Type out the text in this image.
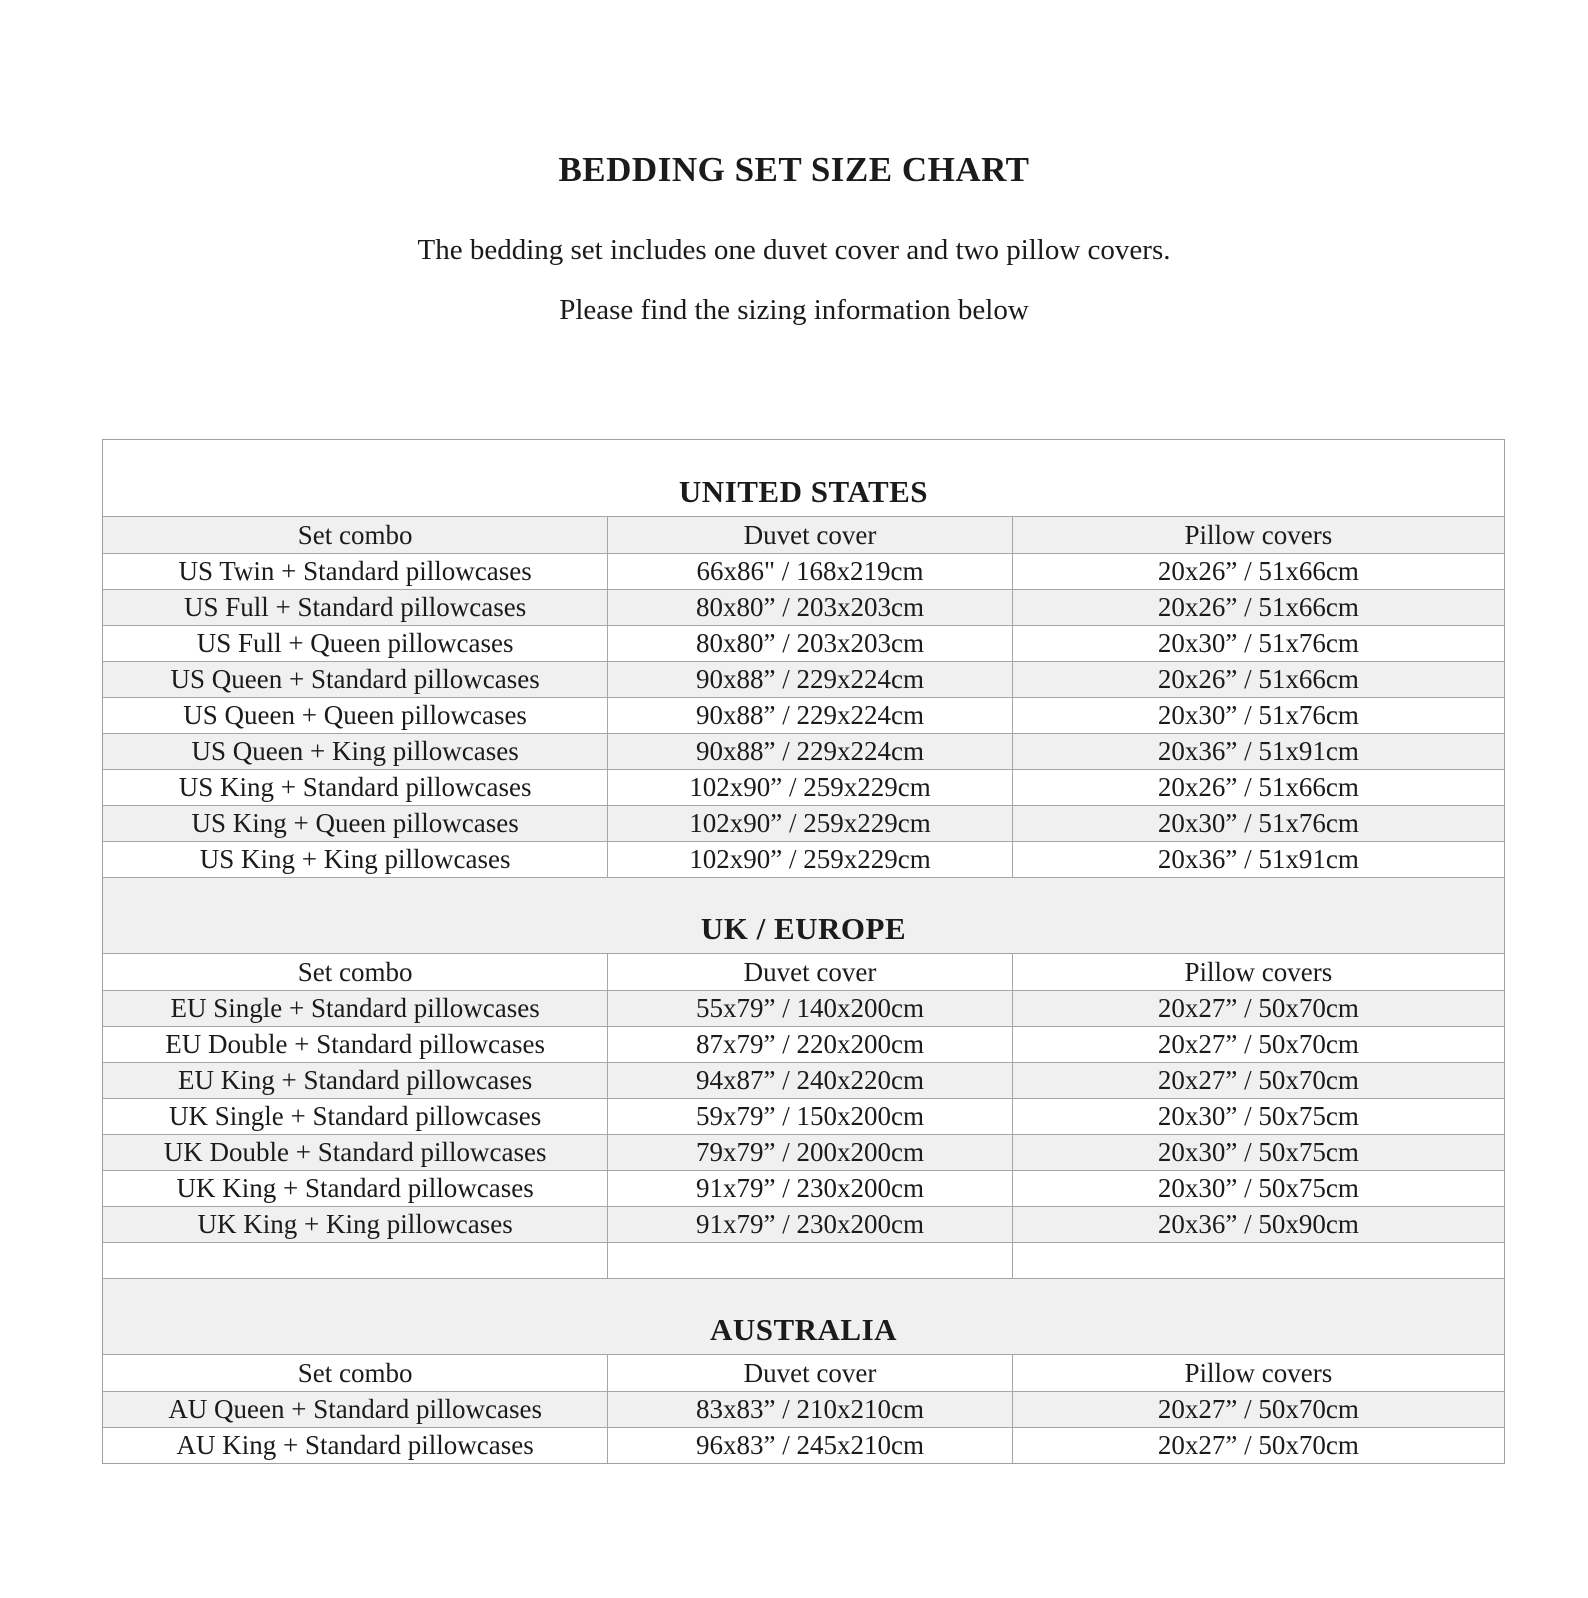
BEDDING SET SIZE CHART
The bedding set includes one duvet cover and two pillow covers.
Please find the sizing information below
UNITED STATES
Set combo	Duvet cover	Pillow covers
US Twin + Standard pillowcases	66x86" / 168x219cm	20x26” / 51x66cm
US Full + Standard pillowcases	80x80” / 203x203cm	20x26” / 51x66cm
US Full + Queen pillowcases	80x80” / 203x203cm	20x30” / 51x76cm
US Queen + Standard pillowcases	90x88” / 229x224cm	20x26” / 51x66cm
US Queen + Queen pillowcases	90x88” / 229x224cm	20x30” / 51x76cm
US Queen + King pillowcases	90x88” / 229x224cm	20x36” / 51x91cm
US King + Standard pillowcases	102x90” / 259x229cm	20x26” / 51x66cm
US King + Queen pillowcases	102x90” / 259x229cm	20x30” / 51x76cm
US King + King pillowcases	102x90” / 259x229cm	20x36” / 51x91cm
UK / EUROPE
Set combo	Duvet cover	Pillow covers
EU Single + Standard pillowcases	55x79” / 140x200cm	20x27” / 50x70cm
EU Double + Standard pillowcases	87x79” / 220x200cm	20x27” / 50x70cm
EU King + Standard pillowcases	94x87” / 240x220cm	20x27” / 50x70cm
UK Single + Standard pillowcases	59x79” / 150x200cm	20x30” / 50x75cm
UK Double + Standard pillowcases	79x79” / 200x200cm	20x30” / 50x75cm
UK King + Standard pillowcases	91x79” / 230x200cm	20x30” / 50x75cm
UK King + King pillowcases	91x79” / 230x200cm	20x36” / 50x90cm
AUSTRALIA
Set combo	Duvet cover	Pillow covers
AU Queen + Standard pillowcases	83x83” / 210x210cm	20x27” / 50x70cm
AU King + Standard pillowcases	96x83” / 245x210cm	20x27” / 50x70cm
